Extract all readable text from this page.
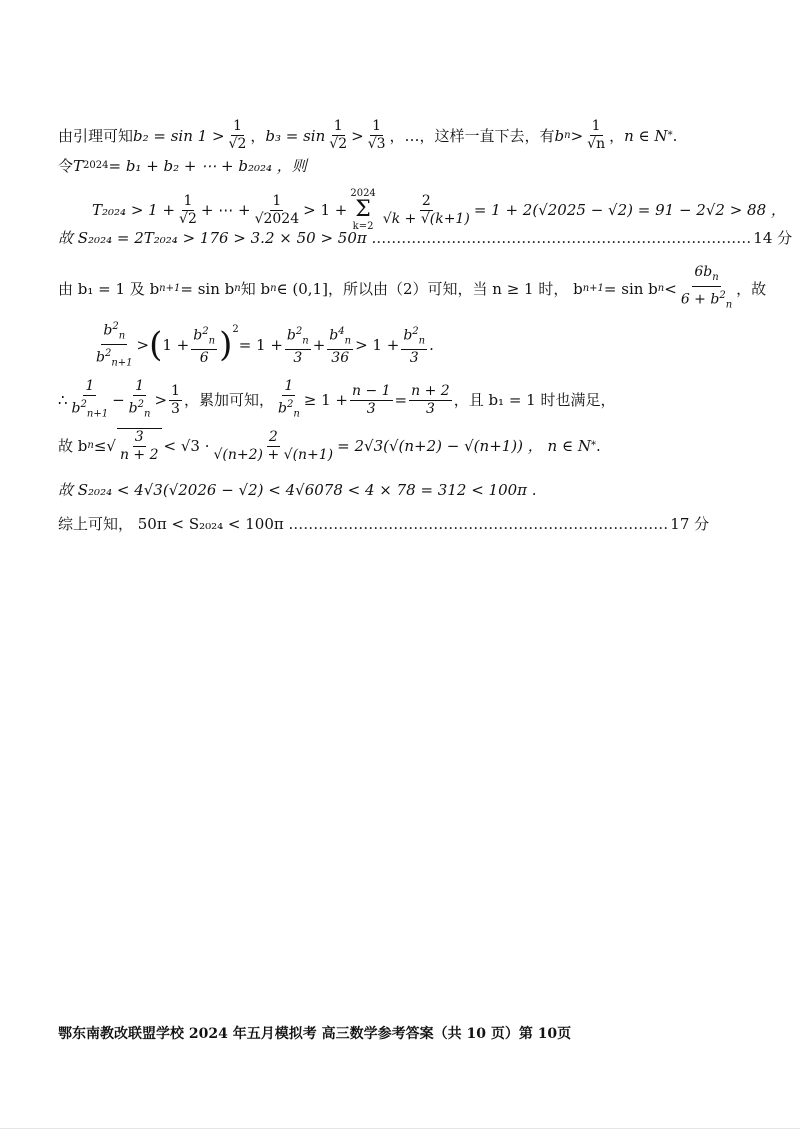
由引理可知 $b_2 = \sin 1 > \frac{1}{√2}$ ， $b_3 = \sin \frac{1}{√2} > \frac{1}{√3}$ ，…，这样一直下去，有 b $n > \frac{1}{√n}$ ， n ∈ N * .
令 T 2024 = b₁ + b₂ + ⋯ + b₂₀₂₄ ，则
$T_{2024} > 1 + \frac{1}{√2}$ + ⋯ + $\frac{1}{√2024} > 1$ +
2024
Σ
$k=2 \frac{2}{√k + √(k+1)} = 1 + 2(√2025 - √2) = 91 - 2√2 > 88$ ，
故 S₂₀₂₄ = 2T₂₀₂₄ > 176 > 3.2 × 50 > 50π . ………………………………………………………………… 14 分
由 b₁ = 1 及 b n+1 = sin b n 知 b n ∈ (0,1]，所以由（2）可知，当 n ≥ 1 时， b n+1 = sin b $n < \frac{6b_n}{6 + b^2_n}$ ，故
$\frac{b^2_n}{b^2_{n+1}}$ > ( $1 + \frac{b^2_n}{6} )^2$
= $1 + \frac{b^2_n}{3} + \frac{b^4_n}{36} > 1 + \frac{b^2_n}{3}$ .
∴ $\frac{1}{b^2_{n+1}} - \frac{1}{b^2_n} > \frac{1}{3}$ ，累加可知， $\frac{1}{b^2_n} \ge 1 + \frac{n - 1}{3} = \frac{n + 2}{3}$ ，且 b₁ = 1 时也满足，
故 b n ≤ √ $\frac{3}{n + 2} < √3 \cdot \frac{2}{√(n+2) + √(n+1)} = 2√3(√(n+2) - √(n+1))$ ， n ∈ N * .
故 S₂₀₂₄ < 4√3(√2026 − √2) < 4√6078 < 4 × 78 = 312 < 100π .
综上可知， 50π < S₂₀₂₄ < 100π . ………………………………………………………………… 17 分
鄂东南教改联盟学校 2024 年五月模拟考 高三数学参考答案（共 10 页）第 10页
